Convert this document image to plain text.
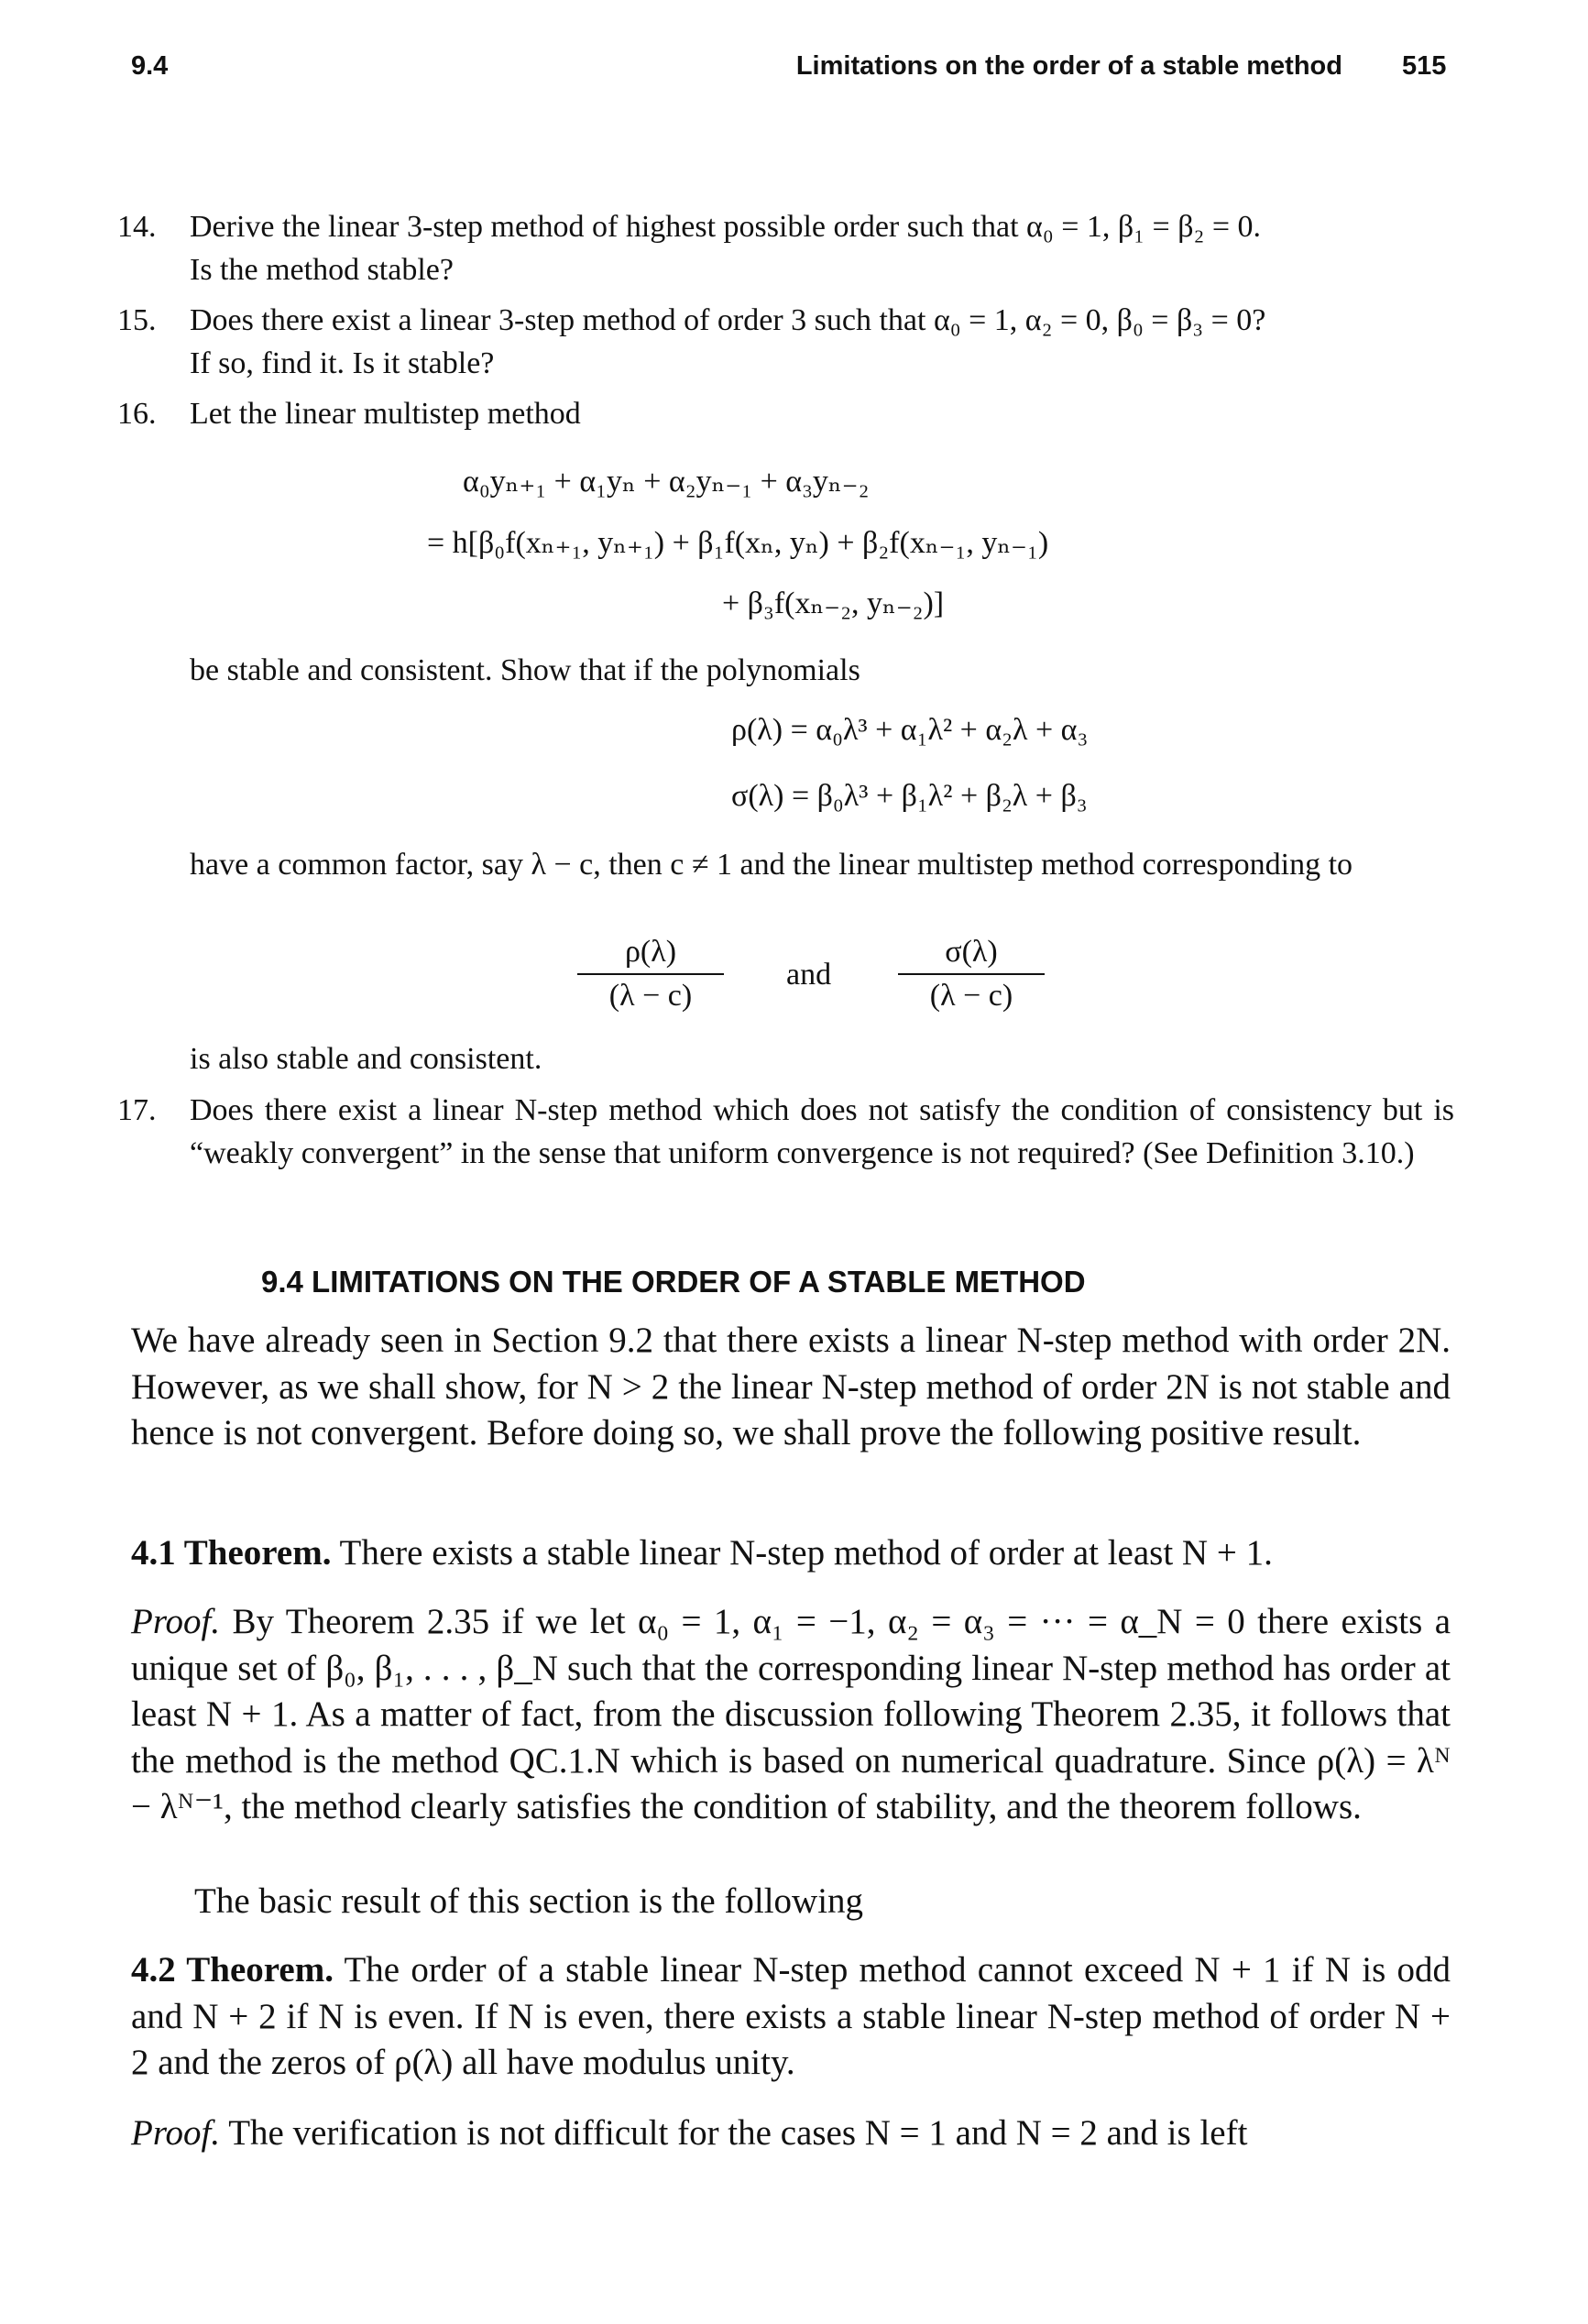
9.4	Limitations on the order of a stable method 515
14. Derive the linear 3-step method of highest possible order such that α₀ = 1, β₁ = β₂ = 0.
Is the method stable?
15. Does there exist a linear 3-step method of order 3 such that α₀ = 1, α₂ = 0, β₀ = β₃ = 0?
If so, find it. Is it stable?
16. Let the linear multistep method
α₀yₙ₊₁ + α₁yₙ + α₂yₙ₋₁ + α₃yₙ₋₂
= h[β₀f(xₙ₊₁, yₙ₊₁) + β₁f(xₙ, yₙ) + β₂f(xₙ₋₁, yₙ₋₁)
+ β₃f(xₙ₋₂, yₙ₋₂)]
be stable and consistent. Show that if the polynomials
ρ(λ) = α₀λ³ + α₁λ² + α₂λ + α₃
σ(λ) = β₀λ³ + β₁λ² + β₂λ + β₃
have a common factor, say λ − c, then c ≠ 1 and the linear multistep method corresponding to
$\frac{\rho(\lambda)}{(\lambda - c)}$ and $\frac{\sigma(\lambda)}{(\lambda - c)}$
is also stable and consistent.
17. Does there exist a linear N-step method which does not satisfy the condition of consistency but is “weakly convergent” in the sense that uniform convergence is not required? (See Definition 3.10.)
9.4 LIMITATIONS ON THE ORDER OF A STABLE METHOD
We have already seen in Section 9.2 that there exists a linear N-step method with order 2N. However, as we shall show, for N > 2 the linear N-step method of order 2N is not stable and hence is not convergent. Before doing so, we shall prove the following positive result.
4.1 Theorem. There exists a stable linear N-step method of order at least N + 1.
Proof. By Theorem 2.35 if we let α₀ = 1, α₁ = −1, α₂ = α₃ = ··· = α_N = 0 there exists a unique set of β₀, β₁, . . . , β_N such that the corresponding linear N-step method has order at least N + 1. As a matter of fact, from the discussion following Theorem 2.35, it follows that the method is the method QC.1.N which is based on numerical quadrature. Since ρ(λ) = λᴺ − λᴺ⁻¹, the method clearly satisfies the condition of stability, and the theorem follows.
The basic result of this section is the following
4.2 Theorem. The order of a stable linear N-step method cannot exceed N + 1 if N is odd and N + 2 if N is even. If N is even, there exists a stable linear N-step method of order N + 2 and the zeros of ρ(λ) all have modulus unity.
Proof. The verification is not difficult for the cases N = 1 and N = 2 and is left
